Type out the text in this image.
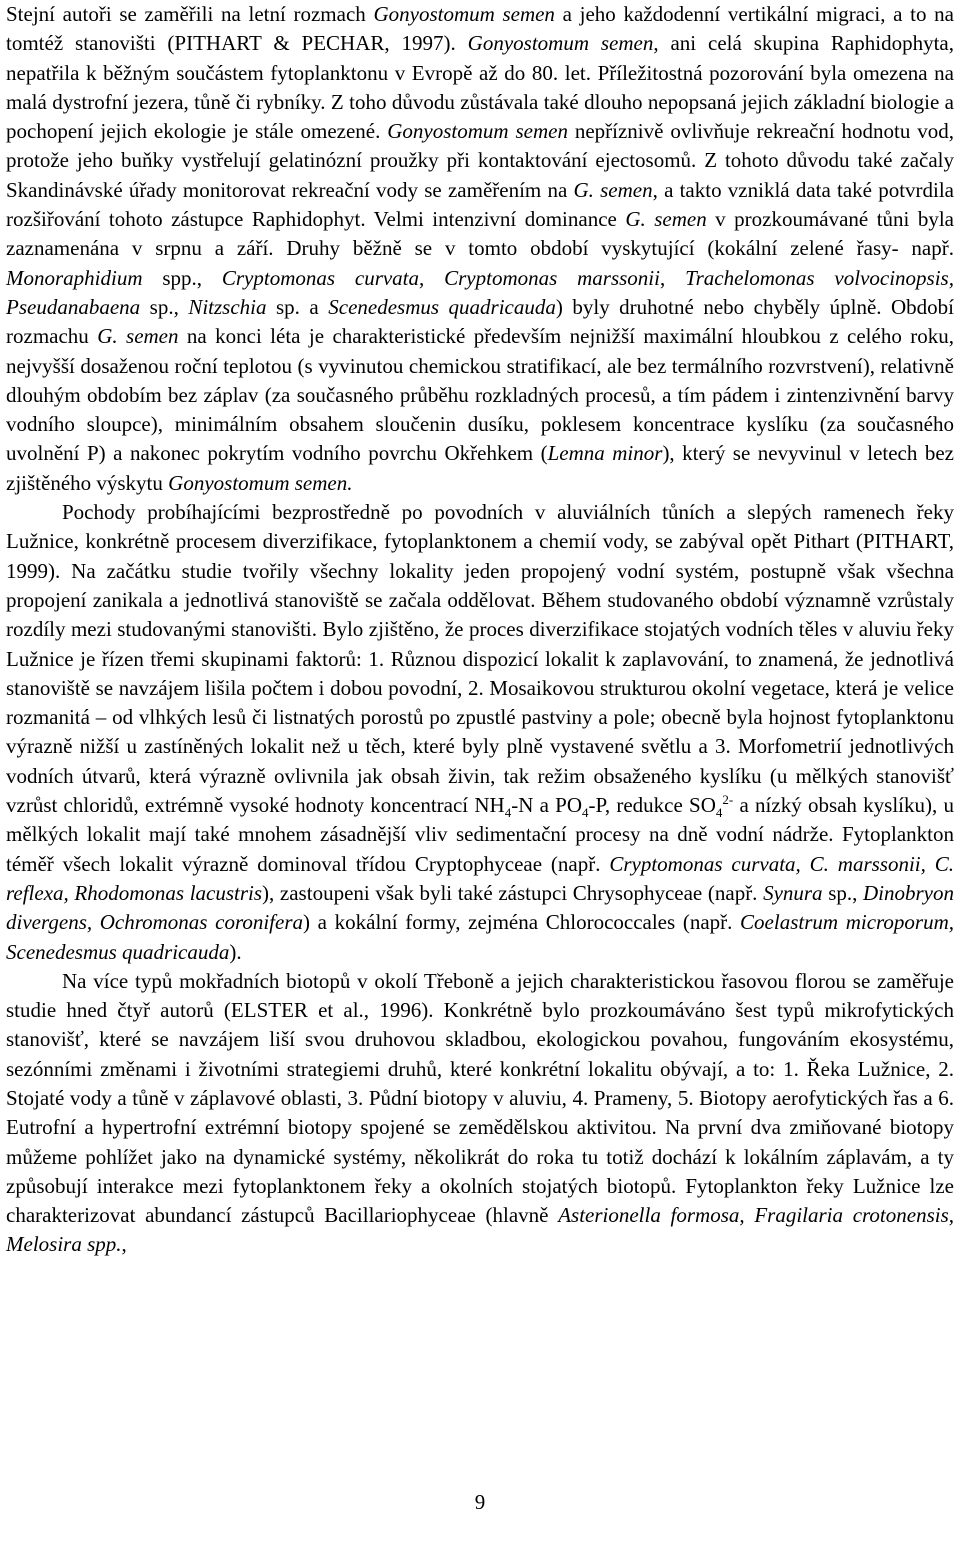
Stejní autoři se zaměřili na letní rozmach Gonyostomum semen a jeho každodenní vertikální migraci, a to na tomtéž stanovišti (PITHART & PECHAR, 1997). Gonyostomum semen, ani celá skupina Raphidophyta, nepatřila k běžným součástem fytoplanktonu v Evropě až do 80. let. Příležitostná pozorování byla omezena na malá dystrofní jezera, tůně či rybníky. Z toho důvodu zůstávala také dlouho nepopsaná jejich základní biologie a pochopení jejich ekologie je stále omezené. Gonyostomum semen nepříznivě ovlivňuje rekreační hodnotu vod, protože jeho buňky vystřelují gelatinózní proužky při kontaktování ejectosomů. Z tohoto důvodu také začaly Skandinávské úřady monitorovat rekreační vody se zaměřením na G. semen, a takto vzniklá data také potvrdila rozšiřování tohoto zástupce Raphidophyt. Velmi intenzivní dominance G. semen v prozkoumávané tůni byla zaznamenána v srpnu a září. Druhy běžně se v tomto období vyskytující (kokální zelené řasy- např. Monoraphidium spp., Cryptomonas curvata, Cryptomonas marssonii, Trachelomonas volvocinopsis, Pseudanabaena sp., Nitzschia sp. a Scenedesmus quadricauda) byly druhotné nebo chyběly úplně. Období rozmachu G. semen na konci léta je charakteristické především nejnižší maximální hloubkou z celého roku, nejvyšší dosaženou roční teplotou (s vyvinutou chemickou stratifikací, ale bez termálního rozvrstvení), relativně dlouhým obdobím bez záplav (za současného průběhu rozkladných procesů, a tím pádem i zintenzivnění barvy vodního sloupce), minimálním obsahem sloučenin dusíku, poklesem koncentrace kyslíku (za současného uvolnění P) a nakonec pokrytím vodního povrchu Okřehkem (Lemna minor), který se nevyvinul v letech bez zjištěného výskytu Gonyostomum semen.

Pochody probíhajícími bezprostředně po povodních v aluviálních tůních a slepých ramenech řeky Lužnice, konkrétně procesem diverzifikace, fytoplanktonem a chemií vody, se zabýval opět Pithart (PITHART, 1999). Na začátku studie tvořily všechny lokality jeden propojený vodní systém, postupně však všechna propojení zanikala a jednotlivá stanoviště se začala oddělovat. Během studovaného období významně vzrůstaly rozdíly mezi studovanými stanovišti. Bylo zjištěno, že proces diverzifikace stojatých vodních těles v aluviu řeky Lužnice je řízen třemi skupinami faktorů: 1. Různou dispozicí lokalit k zaplavování, to znamená, že jednotlivá stanoviště se navzájem lišila počtem i dobou povodní, 2. Mosaikovou strukturou okolní vegetace, která je velice rozmanitá – od vlhkých lesů či listnatých porostů po zpustlé pastviny a pole; obecně byla hojnost fytoplanktonu výrazně nižší u zastíněných lokalit než u těch, které byly plně vystavené světlu a 3. Morfometrií jednotlivých vodních útvarů, která výrazně ovlivnila jak obsah živin, tak režim obsaženého kyslíku (u mělkých stanovišť vzrůst chloridů, extrémně vysoké hodnoty koncentrací $NH_4-N$ a $PO_4-P$, redukce $SO_4^{2-}$ a nízký obsah kyslíku), u mělkých lokalit mají také mnohem zásadnější vliv sedimentační procesy na dně vodní nádrže. Fytoplankton téměř všech lokalit výrazně dominoval třídou Cryptophyceae (např. Cryptomonas curvata, C. marssonii, C. reflexa, Rhodomonas lacustris), zastoupeni však byli také zástupci Chrysophyceae (např. Synura sp., Dinobryon divergens, Ochromonas coronifera) a kokální formy, zejména Chlorococcales (např. Coelastrum microporum, Scenedesmus quadricauda).

Na více typů mokřadních biotopů v okolí Třeboně a jejich charakteristickou řasovou florou se zaměřuje studie hned čtyř autorů (ELSTER et al., 1996). Konkrétně bylo prozkoumáváno šest typů mikrofytických stanovišť, které se navzájem liší svou druhovou skladbou, ekologickou povahou, fungováním ekosystému, sezónními změnami i životními strategiemi druhů, které konkrétní lokalitu obývají, a to: 1. Řeka Lužnice, 2. Stojaté vody a tůně v záplavové oblasti, 3. Půdní biotopy v aluviu, 4. Prameny, 5. Biotopy aerofytických řas a 6. Eutrofní a hypertrofní extrémní biotopy spojené se zemědělskou aktivitou. Na první dva zmiňované biotopy můžeme pohlížet jako na dynamické systémy, několikrát do roka tu totiž dochází k lokálním záplavám, a ty způsobují interakce mezi fytoplanktonem řeky a okolních stojatých biotopů. Fytoplankton řeky Lužnice lze charakterizovat abundancí zástupců Bacillariophyceae (hlavně Asterionella formosa, Fragilaria crotonensis, Melosira spp.,

9
